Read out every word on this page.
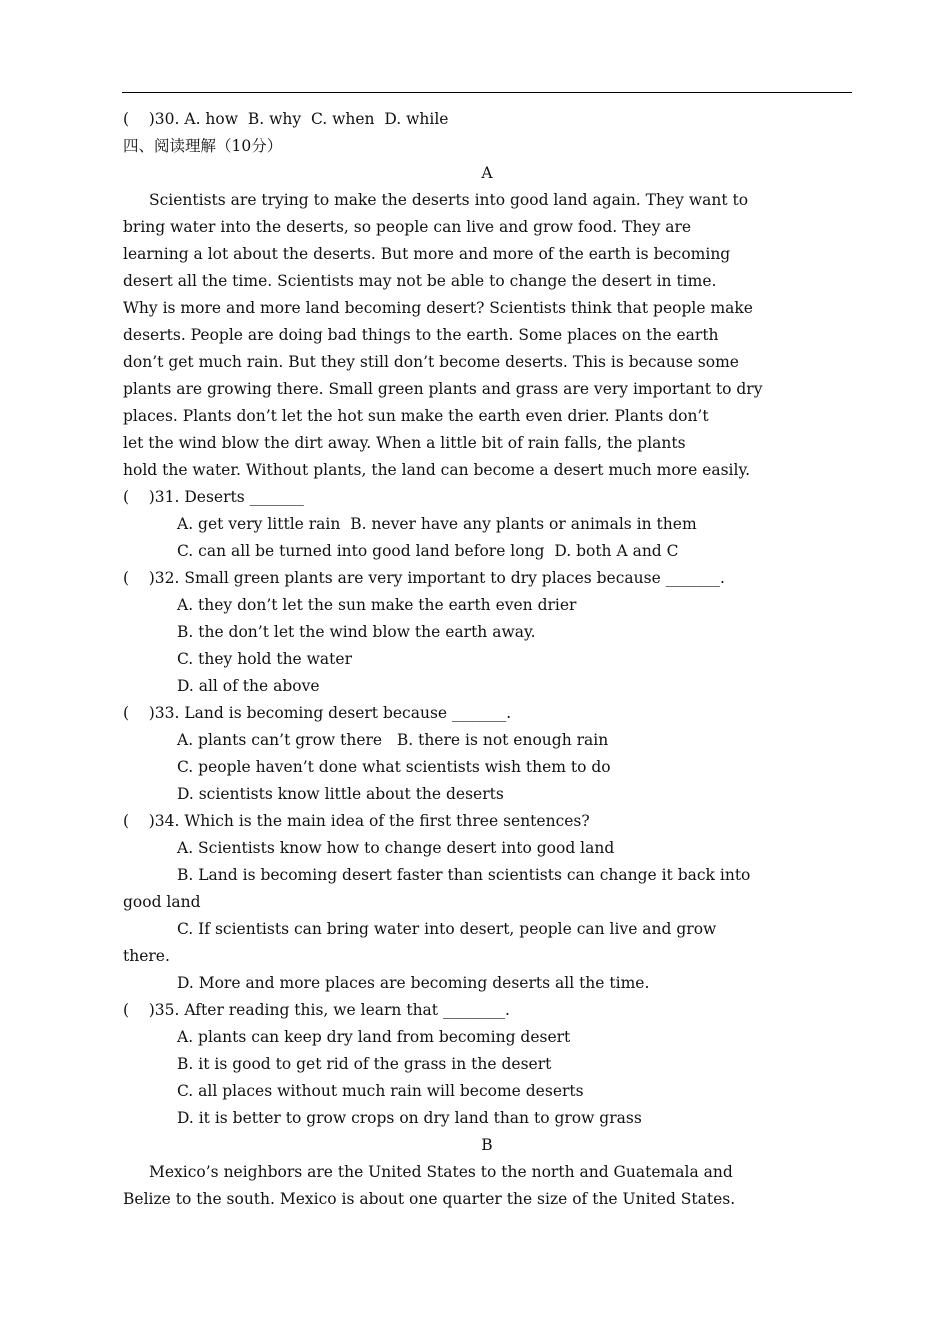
(    )30. A. how  B. why  C. when  D. while
四、阅读理解（10分）
A
Scientists are trying to make the deserts into good land again. They want to
bring water into the deserts, so people can live and grow food. They are
learning a lot about the deserts. But more and more of the earth is becoming
desert all the time. Scientists may not be able to change the desert in time.
Why is more and more land becoming desert? Scientists think that people make
deserts. People are doing bad things to the earth. Some places on the earth
don’t get much rain. But they still don’t become deserts. This is because some
plants are growing there. Small green plants and grass are very important to dry
places. Plants don’t let the hot sun make the earth even drier. Plants don’t
let the wind blow the dirt away. When a little bit of rain falls, the plants
hold the water. Without plants, the land can become a desert much more easily.
(    )31. Deserts _______
A. get very little rain  B. never have any plants or animals in them
C. can all be turned into good land before long  D. both A and C
(    )32. Small green plants are very important to dry places because _______.
A. they don’t let the sun make the earth even drier
B. the don’t let the wind blow the earth away.
C. they hold the water
D. all of the above
(    )33. Land is becoming desert because _______.
A. plants can’t grow there   B. there is not enough rain
C. people haven’t done what scientists wish them to do
D. scientists know little about the deserts
(    )34. Which is the main idea of the first three sentences?
A. Scientists know how to change desert into good land
B. Land is becoming desert faster than scientists can change it back into
good land
C. If scientists can bring water into desert, people can live and grow
there.
D. More and more places are becoming deserts all the time.
(    )35. After reading this, we learn that ________.
A. plants can keep dry land from becoming desert
B. it is good to get rid of the grass in the desert
C. all places without much rain will become deserts
D. it is better to grow crops on dry land than to grow grass
B
Mexico’s neighbors are the United States to the north and Guatemala and
Belize to the south. Mexico is about one quarter the size of the United States.
